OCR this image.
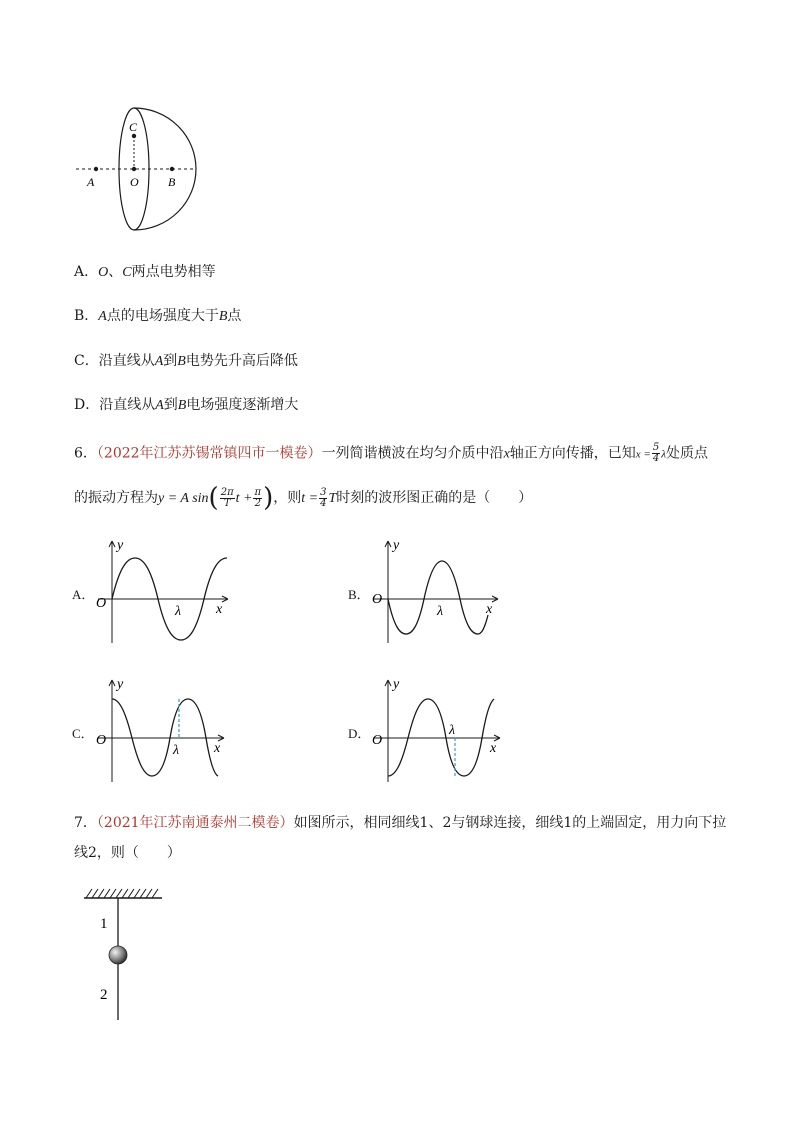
C
A	O B
A．O、C两点电势相等
B．A点的电场强度大于B点
C．沿直线从A到B电势先升高后降低
D．沿直线从A到B电场强度逐渐增大
6．（2022年江苏苏锡常镇四市一模卷）一列简谐横波在均匀介质中沿x轴正方向传播，已知$x = \frac{5}{4}$ λ处质点
的振动方程为y = A $\sin( \frac{2\pi}{T}$ $t + \frac{\pi}{2}$ )，则$t = \frac{3}{4}$ T时刻的波形图正确的是（　　）
A．
y
O
λ x
B．
y
O
λ	x
C．
y
O
λ x
D．
y
O
λ
x
7．（2021年江苏南通泰州二模卷）如图所示，相同细线1、2与钢球连接，细线1的上端固定，用力向下拉
线2，则（　　）
1
2
